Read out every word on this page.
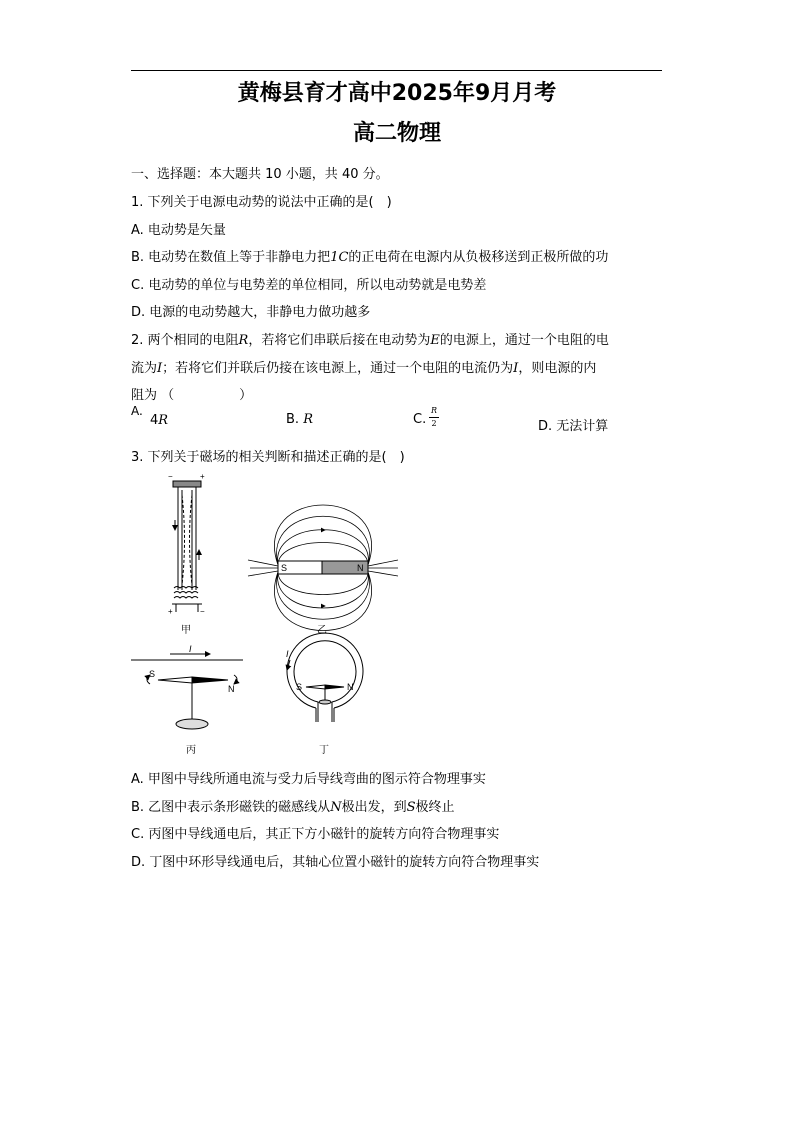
黄梅县育才高中2025年9月月考
高二物理
一、选择题：本大题共 10 小题，共 40 分。
1. 下列关于电源电动势的说法中正确的是(　)
A. 电动势是矢量
B. 电动势在数值上等于非静电力把1C的正电荷在电源内从负极移送到正极所做的功
C. 电动势的单位与电势差的单位相同，所以电动势就是电势差
D. 电源的电动势越大，非静电力做功越多
2. 两个相同的电阻R，若将它们串联后接在电动势为E的电源上，通过一个电阻的电
流为I；若将它们并联后仍接在该电源上，通过一个电阻的电流仍为I，则电源的内
阻为 （　　　　　）
A.
4R	B. R	C.
R
2	D. 无法计算
3. 下列关于磁场的相关判断和描述正确的是(　)
−	+
+	−
S	N
甲	乙
I
S
N
丙
I
S	N
丁
A. 甲图中导线所通电流与受力后导线弯曲的图示符合物理事实
B. 乙图中表示条形磁铁的磁感线从N极出发，到S极终止
C. 丙图中导线通电后，其正下方小磁针的旋转方向符合物理事实
D. 丁图中环形导线通电后，其轴心位置小磁针的旋转方向符合物理事实
